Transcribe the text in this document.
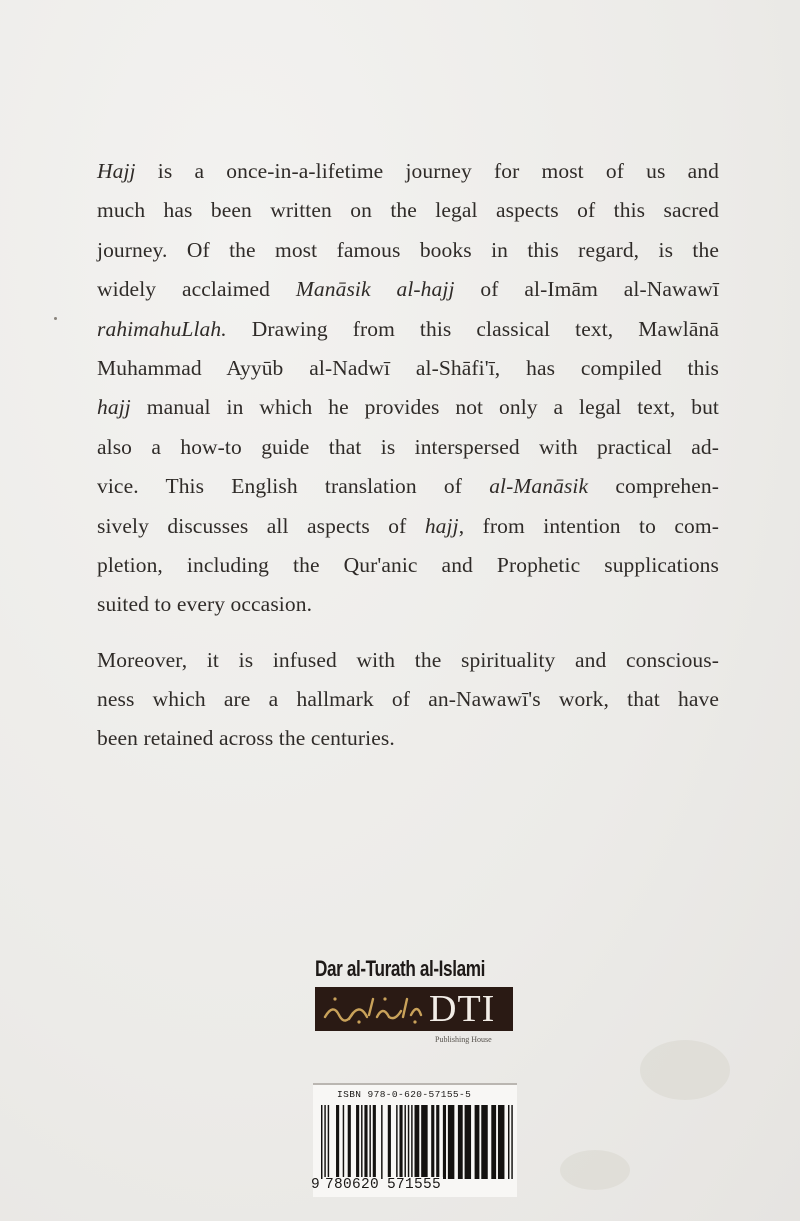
Hajj is a once-in-a-lifetime journey for most of us and
much has been written on the legal aspects of this sacred
journey. Of the most famous books in this regard, is the
widely acclaimed Manāsik al-hajj of al-Imām al-Nawawī
rahimahuLlah. Drawing from this classical text, Mawlānā
Muhammad Ayyūb al-Nadwī al-Shāfi'ī, has compiled this
hajj manual in which he provides not only a legal text, but
also a how-to guide that is interspersed with practical ad-
vice. This English translation of al-Manāsik comprehen-
sively discusses all aspects of hajj, from intention to com-
pletion, including the Qur'anic and Prophetic supplications
suited to every occasion.
Moreover, it is infused with the spirituality and conscious-
ness which are a hallmark of an-Nawawī's work, that have
been retained across the centuries.
Dar al-Turath al-Islami
DTI
Publishing House
ISBN 978-0-620-57155-5
9 780620 571555
